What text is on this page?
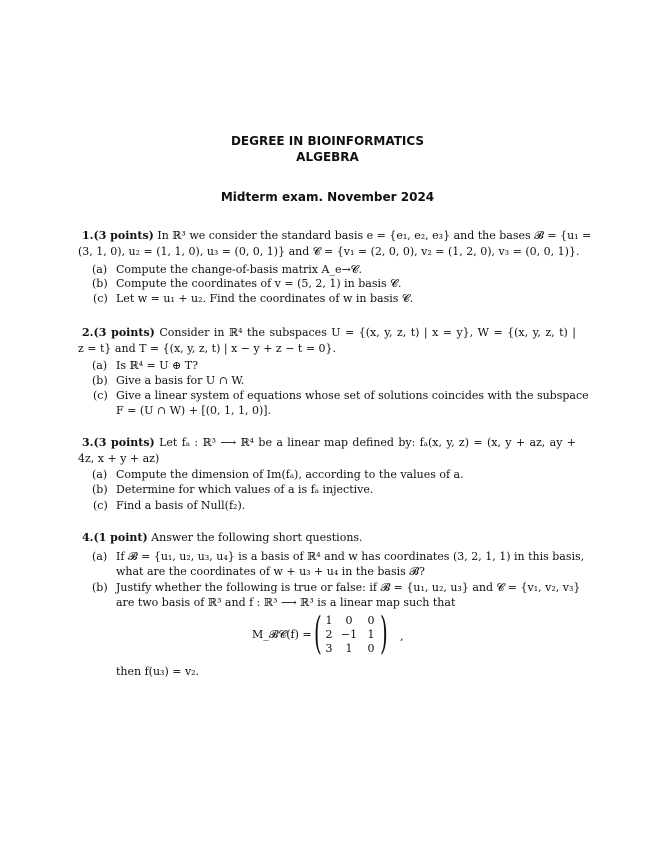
DEGREE IN BIOINFORMATICS
ALGEBRA
Midterm exam. November 2024
1.(3 points) In ℝ³ we consider the standard basis e = {e₁, e₂, e₃} and the bases 𝓑 = {u₁ =
(3, 1, 0), u₂ = (1, 1, 0), u₃ = (0, 0, 1)} and 𝓒 = {v₁ = (2, 0, 0), v₂ = (1, 2, 0), v₃ = (0, 0, 1)}.
(a) Compute the change-of-basis matrix A_e→𝓒.
(b) Compute the coordinates of v = (5, 2, 1) in basis 𝓒.
(c) Let w = u₁ + u₂. Find the coordinates of w in basis 𝓒.
2.(3 points) Consider in ℝ⁴ the subspaces U = {(x, y, z, t) | x = y}, W = {(x, y, z, t) |
z = t} and T = {(x, y, z, t) | x − y + z − t = 0}.
(a) Is ℝ⁴ = U ⊕ T?
(b) Give a basis for U ∩ W.
(c) Give a linear system of equations whose set of solutions coincides with the subspace
F = (U ∩ W) + [(0, 1, 1, 0)].
3.(3 points) Let fₐ : ℝ³ ⟶ ℝ⁴ be a linear map defined by: fₐ(x, y, z) = (x, y + az, ay +
4z, x + y + az)
(a) Compute the dimension of Im(fₐ), according to the values of a.
(b) Determine for which values of a is fₐ injective.
(c) Find a basis of Null(f₂).
4.(1 point) Answer the following short questions.
(a) If 𝓑 = {u₁, u₂, u₃, u₄} is a basis of ℝ⁴ and w has coordinates (3, 2, 1, 1) in this basis,
what are the coordinates of w + u₃ + u₄ in the basis 𝓑?
(b) Justify whether the following is true or false: if 𝓑 = {u₁, u₂, u₃} and 𝓒 = {v₁, v₂, v₃}
are two basis of ℝ³ and f : ℝ³ ⟶ ℝ³ is a linear map such that
M_𝓑𝓒(f) = ( 1	0	0
2 −1 1
3	1	0 ) ,
then f(u₃) = v₂.
